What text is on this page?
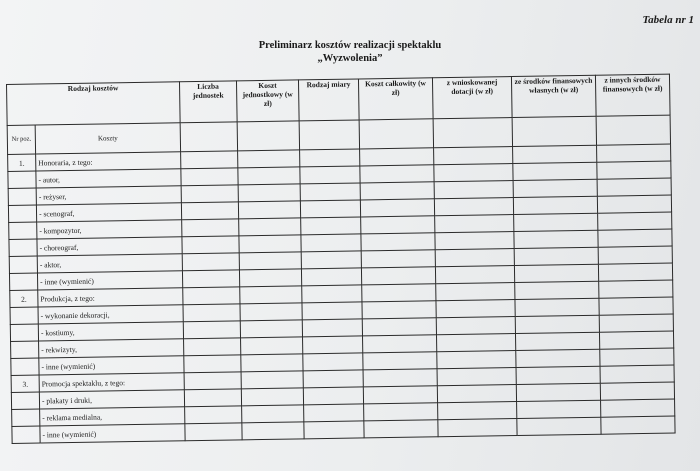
Tabela nr 1
Preliminarz kosztów realizacji spektaklu
„Wyzwolenia”
Rodzaj kosztów		Liczba jednostek	Koszt jednostkowy (w zł)	Rodzaj miary	Koszt całkowity (w zł)	z wnioskowanej dotacji (w zł)	ze środków finansowych własnych (w zł)	z innych środków finansowych (w zł)
Nr poz.	Koszty							
1.	Honoraria, z tego:							
	- autor,							
	- reżyser,							
	- scenograf,							
	- kompozytor,							
	- choreograf,							
	- aktor,							
	- inne (wymienić)							
2.	Produkcja, z tego:							
	- wykonanie dekoracji,							
	- kostiumy,							
	- rekwizyty,							
	- inne (wymienić)							
3.	Promocja spektaklu, z tego:							
	- plakaty i druki,							
	- reklama medialna,							
	- inne (wymienić)							
